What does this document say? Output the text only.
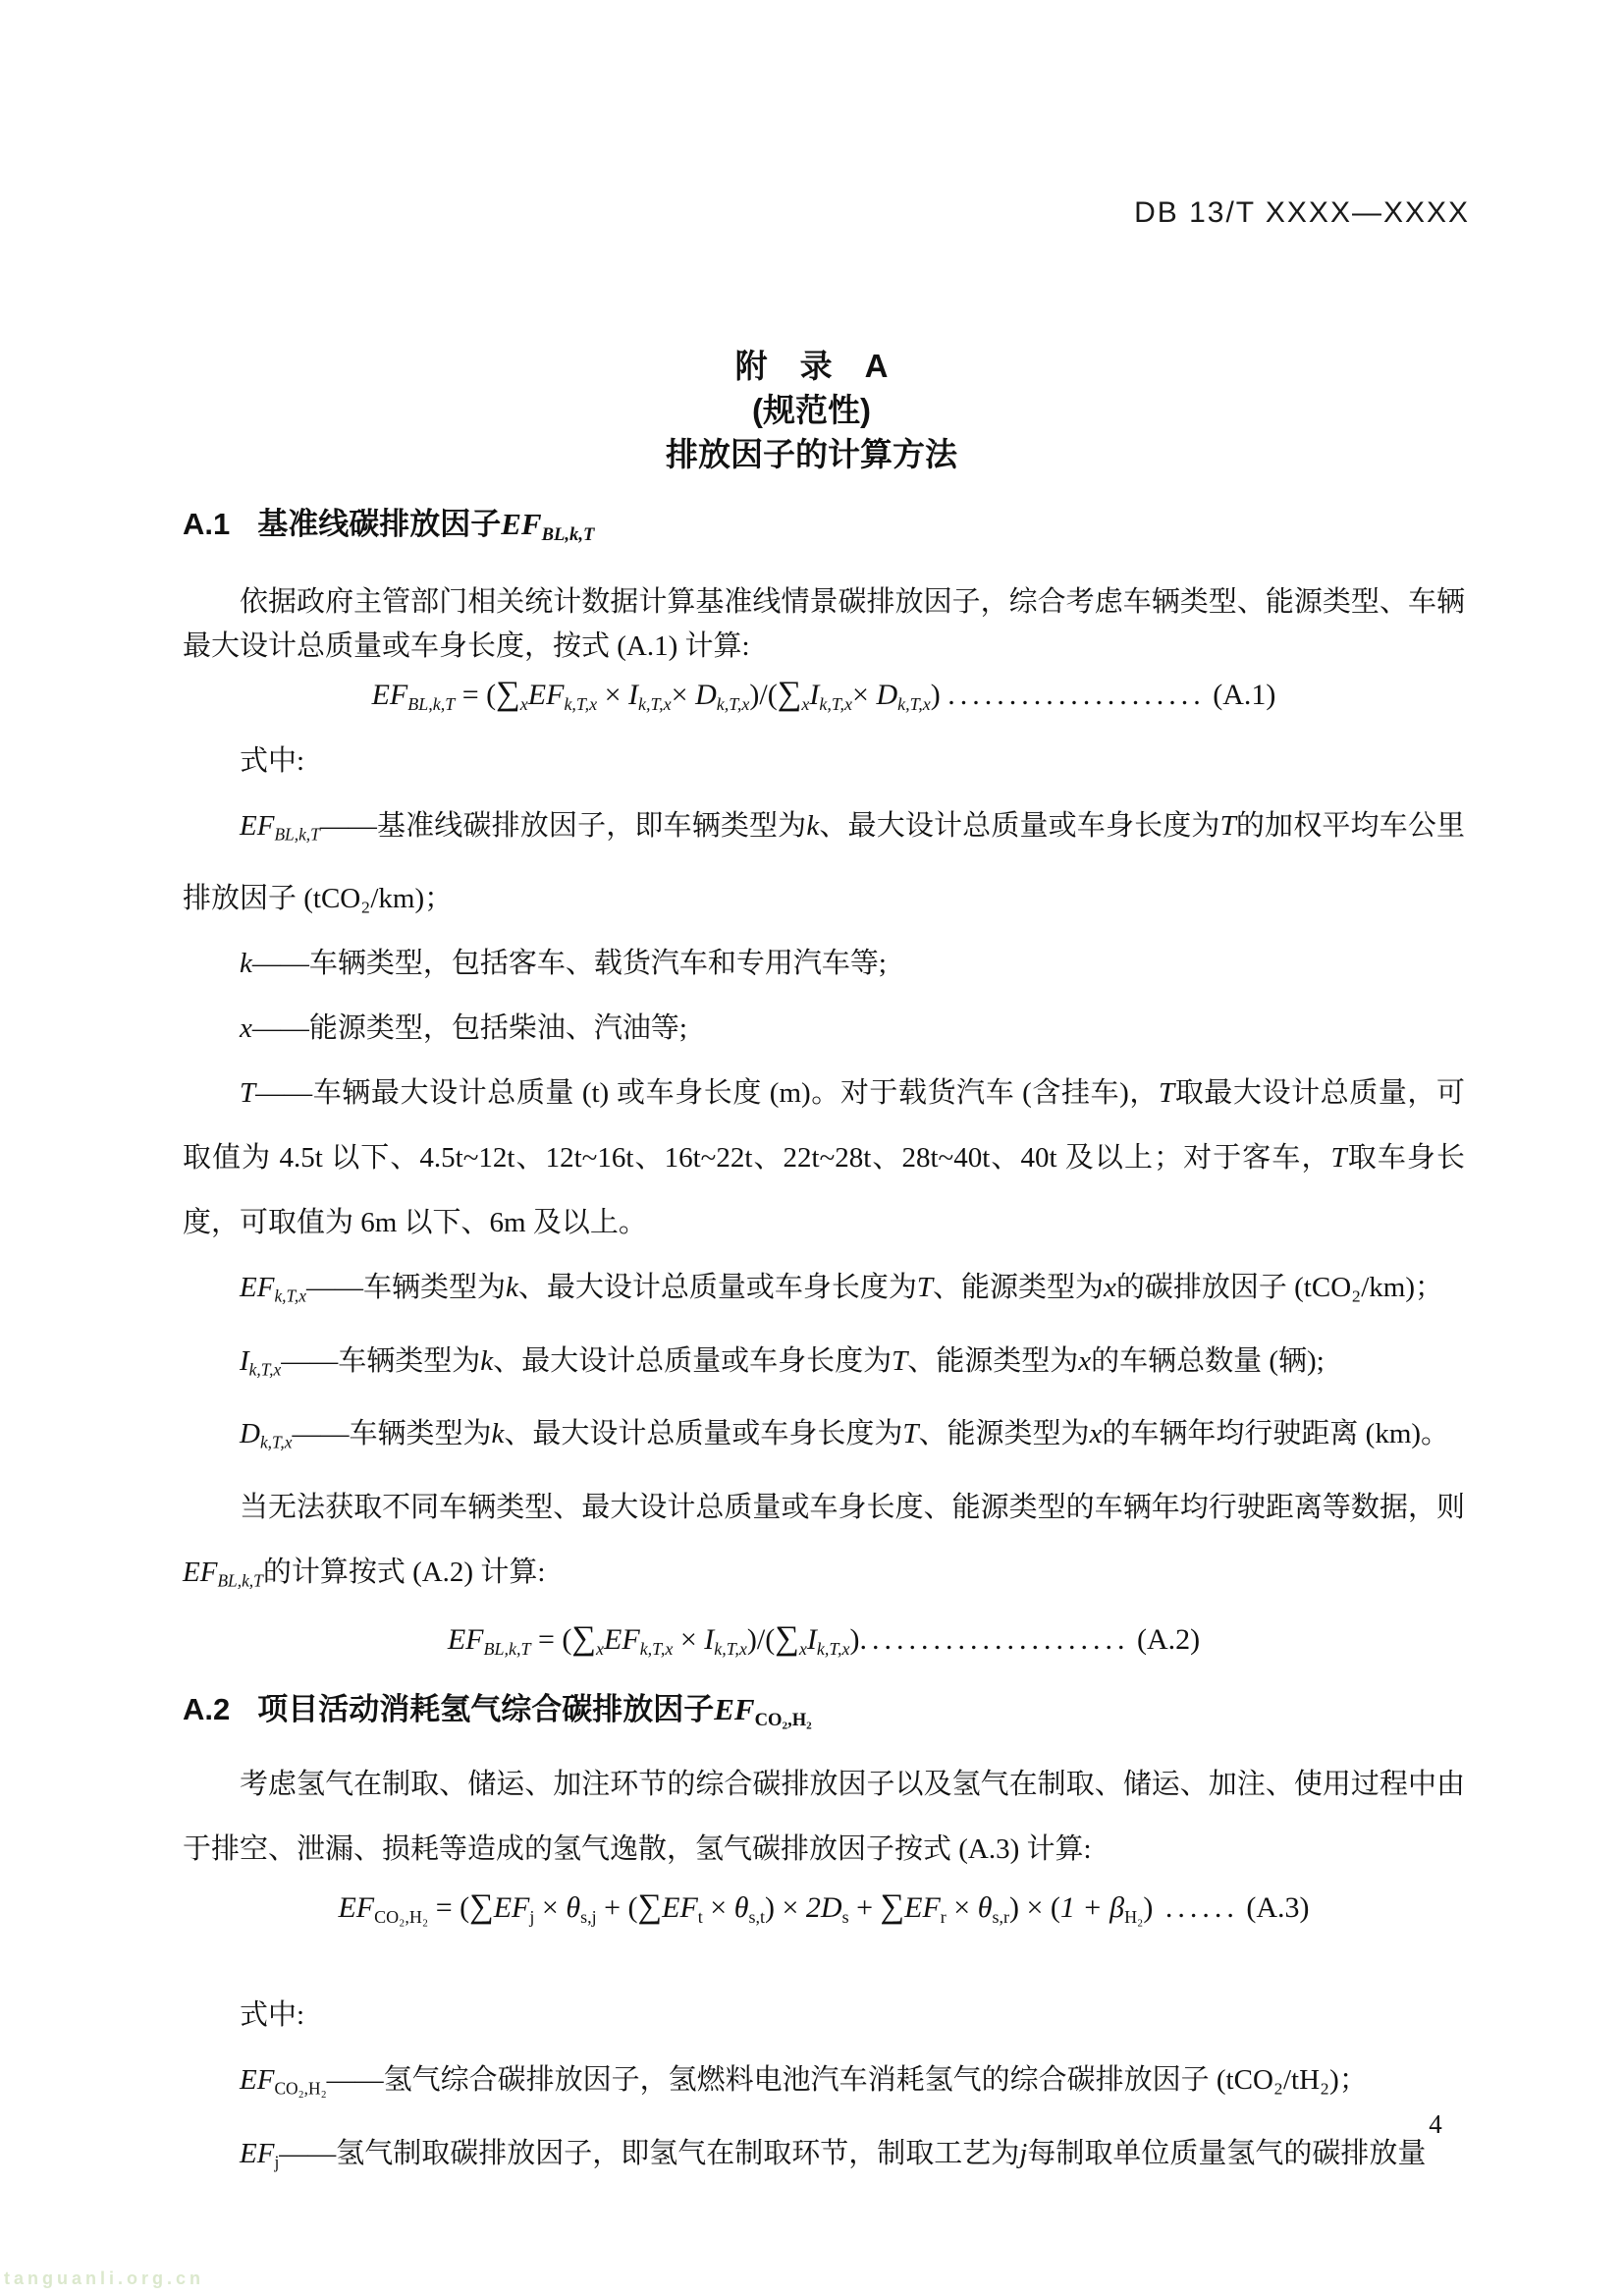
DB 13/T XXXX—XXXX
附　录　A
(规范性)
排放因子的计算方法
A.1 基准线碳排放因子EFBL,k,T
依据政府主管部门相关统计数据计算基准线情景碳排放因子，综合考虑车辆类型、能源类型、车辆最大设计总质量或车身长度，按式 (A.1) 计算:
EFBL,k,T = (∑xEFk,T,x × Ik,T,x× Dk,T,x)/(∑xIk,T,x× Dk,T,x) ..................... (A.1)
式中:
EFBL,k,T——基准线碳排放因子，即车辆类型为k、最大设计总质量或车身长度为T的加权平均车公里排放因子 (tCO₂/km)；
k——车辆类型，包括客车、载货汽车和专用汽车等;
x——能源类型，包括柴油、汽油等;
T——车辆最大设计总质量 (t) 或车身长度 (m)。对于载货汽车 (含挂车)，T取最大设计总质量，可取值为 4.5t 以下、4.5t~12t、12t~16t、16t~22t、22t~28t、28t~40t、40t 及以上；对于客车，T取车身长度，可取值为 6m 以下、6m 及以上。
EFk,T,x——车辆类型为k、最大设计总质量或车身长度为T、能源类型为x的碳排放因子 (tCO₂/km)；
Ik,T,x——车辆类型为k、最大设计总质量或车身长度为T、能源类型为x的车辆总数量 (辆);
Dk,T,x——车辆类型为k、最大设计总质量或车身长度为T、能源类型为x的车辆年均行驶距离 (km)。
当无法获取不同车辆类型、最大设计总质量或车身长度、能源类型的车辆年均行驶距离等数据，则EFBL,k,T的计算按式 (A.2) 计算:
EFBL,k,T = (∑xEFk,T,x × Ik,T,x)/(∑xIk,T,x)...................... (A.2)
A.2 项目活动消耗氢气综合碳排放因子EFCO₂,H₂
考虑氢气在制取、储运、加注环节的综合碳排放因子以及氢气在制取、储运、加注、使用过程中由于排空、泄漏、损耗等造成的氢气逸散，氢气碳排放因子按式 (A.3) 计算:
EFCO₂,H₂ = (∑EFj × θs,j + (∑EFt × θs,t) × 2Ds + ∑EFr × θs,r) × (1 + βH₂) ...... (A.3)
式中:
EFCO₂,H₂——氢气综合碳排放因子，氢燃料电池汽车消耗氢气的综合碳排放因子 (tCO₂/tH₂)；
EFj——氢气制取碳排放因子，即氢气在制取环节，制取工艺为j每制取单位质量氢气的碳排放量
4
tanguanli.org.cn
